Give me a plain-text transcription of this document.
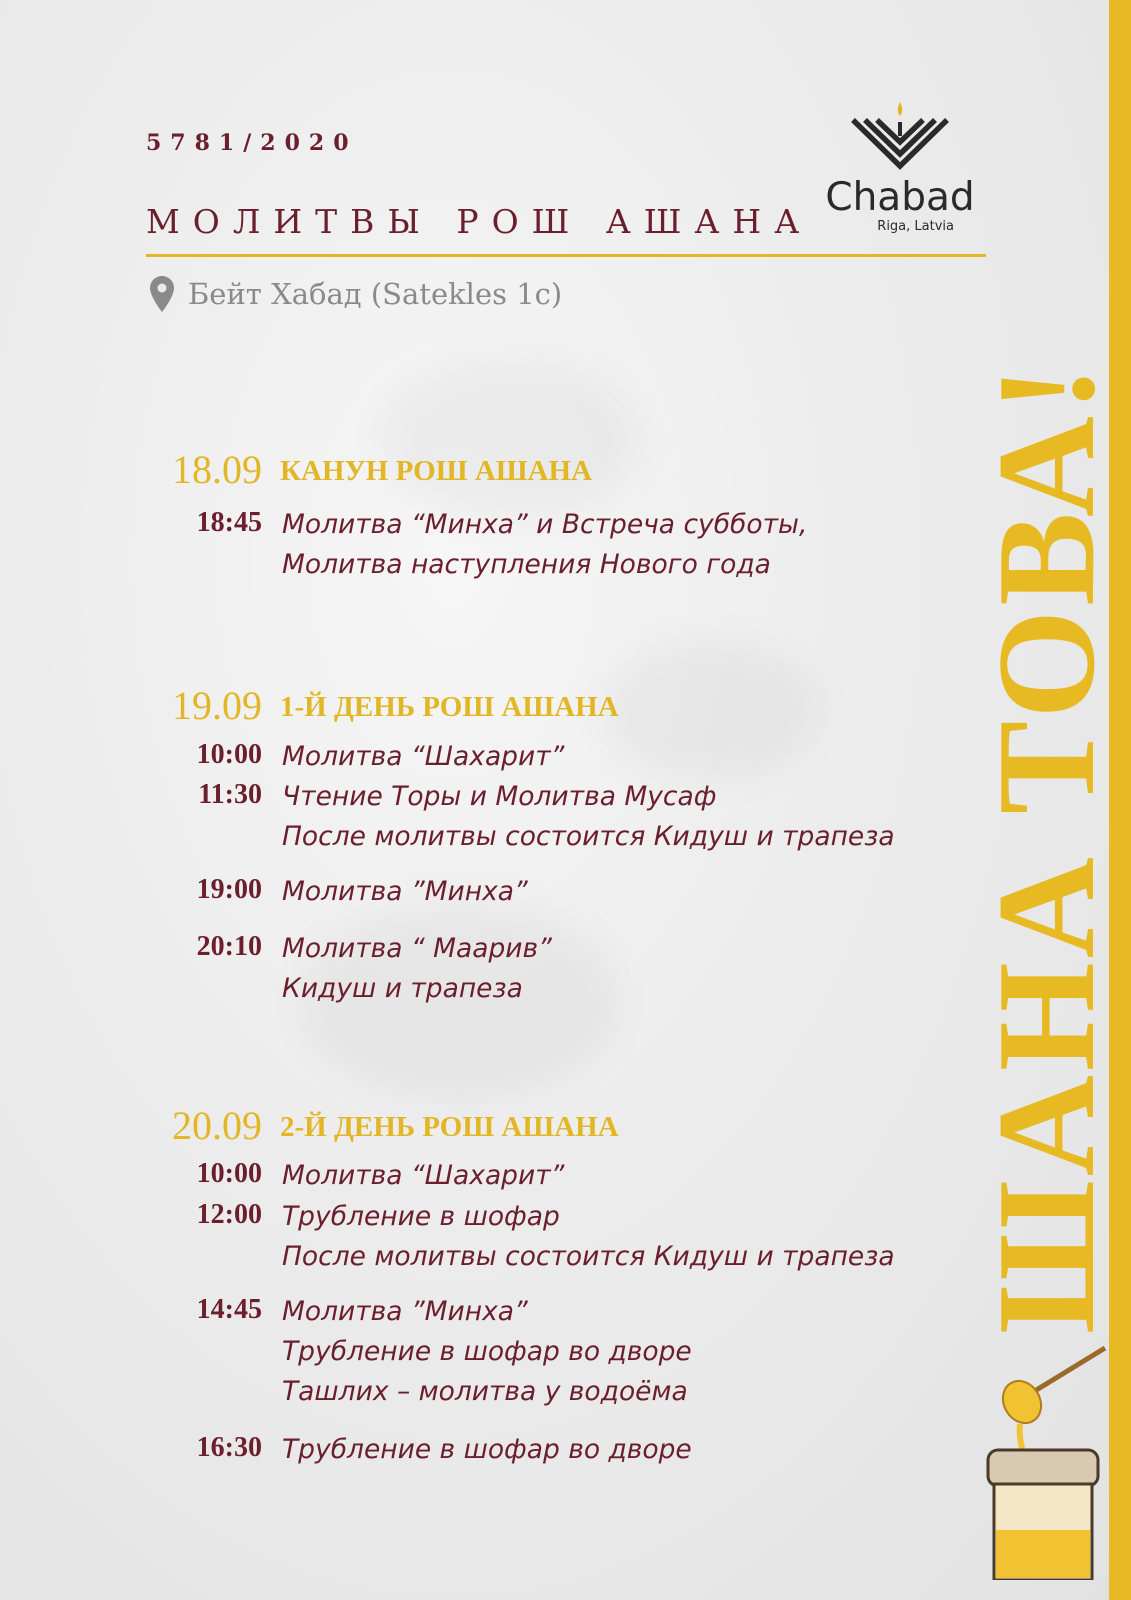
5781/2020
МОЛИТВЫ РОШ АШАНА
Бейт Хабад (Satekles 1c)
Chabad
Riga, Latvia
18.09 КАНУН РОШ АШАНА
18:45 Молитва “Минха” и Встреча субботы,
Молитва наступления Нового года
19.09 1-Й ДЕНЬ РОШ АШАНА
10:00 Молитва “Шахарит”
11:30 Чтение Торы и Молитва Мусаф
После молитвы состоится Кидуш и трапеза
19:00 Молитва ”Минха”
20:10 Молитва “ Маарив”
Кидуш и трапеза
20.09 2-Й ДЕНЬ РОШ АШАНА
10:00 Молитва “Шахарит”
12:00 Трубление в шофар
После молитвы состоится Кидуш и трапеза
14:45 Молитва ”Минха”
Трубление в шофар во дворе
Ташлих – молитва у водоёма
16:30 Трубление в шофар во дворе
ШАНА ТОВА!
